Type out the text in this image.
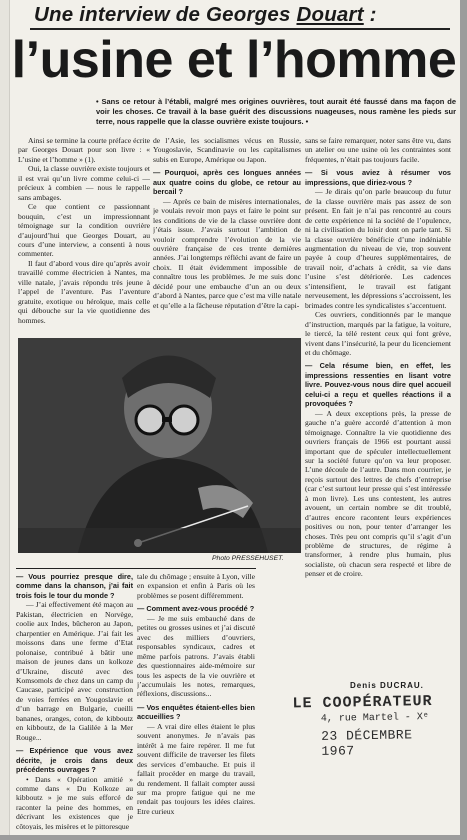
Une interview de Georges Douart :
l’usine et l’homme
• Sans ce retour à l’établi, malgré mes origines ouvrières, tout aurait été faussé dans ma façon de voir les choses. Ce travail à la base guérit des discussions nuageuses, nous ramène les pieds sur terre, nous rappelle que la classe ouvrière existe toujours. •

Ainsi se termine la courte préface écrite par Georges Douart pour son livre : « L’usine et l’homme » (1).

Oui, la classe ouvrière existe toujours et il est vrai qu’un livre comme celui-ci — précieux à combien — nous le rappelle sans ambages.

Ce que contient ce passionnant bouquin, c’est un impressionnant témoignage sur la condition ouvrière d’aujourd’hui que Georges Douart, au cours d’une interview, a consenti à nous commenter.

Il faut d’abord vous dire qu’après avoir travaillé comme électricien à Nantes, ma ville natale, j’avais répondu très jeune à l’appel de l’aventure. Pas l’aventure gratuite, exotique ou héroïque, mais celle qui débouche sur la vie quotidienne des hommes.

de l’Asie, les socialismes vécus en Russie, Yougoslavie, Scandinavie ou les capitalismes subis en Europe, Amérique ou Japon.

— Pourquoi, après ces longues années aux quatre coins du globe, ce retour au bercail ?

— Après ce bain de misères internationales, je voulais revoir mon pays et faire le point sur les conditions de vie de la classe ouvrière dont j’étais issue. J’avais surtout l’ambition de vouloir comprendre l’évolution de la vie ouvrière française de ces trente dernières années. J’ai longtemps réfléchi avant de faire un choix. Il était évidemment impossible de connaître tous les problèmes. Je me suis donc décidé pour une embauche d’un an ou deux d’abord à Nantes, parce que c’est ma ville natale et qu’elle a la fâcheuse réputation d’être la capi-

sans se faire remarquer, noter sans être vu, dans un atelier ou une usine où les contraintes sont fréquentes, n’était pas toujours facile.

— Si vous aviez à résumer vos impressions, que diriez-vous ?

— Je dirais qu’on parle beaucoup du futur de la classe ouvrière mais pas assez de son présent. En fait je n’ai pas rencontré au cours de cette expérience ni la société de l’opulence, ni la civilisation du loisir dont on parle tant. Si la classe ouvrière bénéficie d’une indéniable augmentation du niveau de vie, trop souvent payée à coup d’heures supplémentaires, de travail noir, d’achats à crédit, sa vie dans l’usine s’est détériorée. Les cadences s’intensifient, le travail est fatigant nerveusement, les dépressions s’accroissent, les brimades contre les syndicalistes s’accentuent.

Ces ouvriers, conditionnés par le manque d’instruction, marqués par la fatigue, la voiture, le tiercé, la télé restent ceux qui font grève, vivent dans l’insécurité, la peur du licenciement et du chômage.

— Cela résume bien, en effet, les impressions ressenties en lisant votre livre. Pouvez-vous nous dire quel accueil celui-ci a reçu et quelles réactions il a provoquées ?

— A deux exceptions près, la presse de gauche n’a guère accordé d’attention à mon témoignage. Connaître la vie quotidienne des ouvriers français de 1966 est pourtant aussi important que de spéculer intellectuellement sur la société future qu’on va leur proposer. L’une découle de l’autre. Dans mon courrier, je reçois surtout des lettres de chefs d’entreprise (car c’est surtout leur presse qui s’est intéressée à mon livre). Les uns contestent, les autres avouent, un certain nombre se dit troublé, d’autres encore racontent leurs expériences positives ou non, pour tenter d’arranger les choses. Très peu ont compris qu’il s’agit d’un problème de structures, de régime à transformer, à rendre plus humain, plus socialiste, où chacun sera respecté et libre de penser et de croire.

Photo PRESSEHUSET.

— Vous pourriez presque dire, comme dans la chanson, j’ai fait trois fois le tour du monde ?

— J’ai effectivement été maçon au Pakistan, électricien en Norvège, coolie aux Indes, bûcheron au Japon, charpentier en Amérique. J’ai fait les moissons dans une ferme d’Etat polonaise, contribué à bâtir une maison de jeunes dans un kolkoze d’Ukraine, discuté avec des Komsomols de chez dans un camp du Caucase, participé avec construction de voies ferrées en Yougoslavie et d’un barrage en Bulgarie, cueilli bananes, oranges, coton, de kibboutz en kibboutz, de la Galilée à la Mer Rouge...

— Expérience que vous avez décrite, je crois dans deux précédents ouvrages ?

• Dans « Opération amitié » comme dans « Du Kolkoze au kibboutz » je me suis efforcé de raconter la peine des hommes, en décrivant les existences que je côtoyais, les misères et le pittoresque

tale du chômage ; ensuite à Lyon, ville en expansion et enfin à Paris où les problèmes se posent différemment.

— Comment avez-vous procédé ?

— Je me suis embauché dans de petites ou grosses usines et j’ai discuté avec des milliers d’ouvriers, responsables syndicaux, cadres et même parfois patrons. J’avais établi des questionnaires aide-mémoire sur tous les aspects de la vie ouvrière et j’accumulais les notes, remarques, réflexions, discussions...

— Vos enquêtes étaient-elles bien accueillies ?

— A vrai dire elles étaient le plus souvent anonymes. Je n’avais pas intérêt à me faire repérer. Il me fut souvent difficile de traverser les filets des services d’embauche. Et puis il fallait procéder en marge du travail, du rendement. Il fallait compter aussi sur ma propre fatigue qui ne me rendait pas toujours les idées claires. Etre curieux

Denis DUCRAU.
LE COOPÉRATEUR
4, rue Martel - Xᵉ
23 DÉCEMBRE 1967
